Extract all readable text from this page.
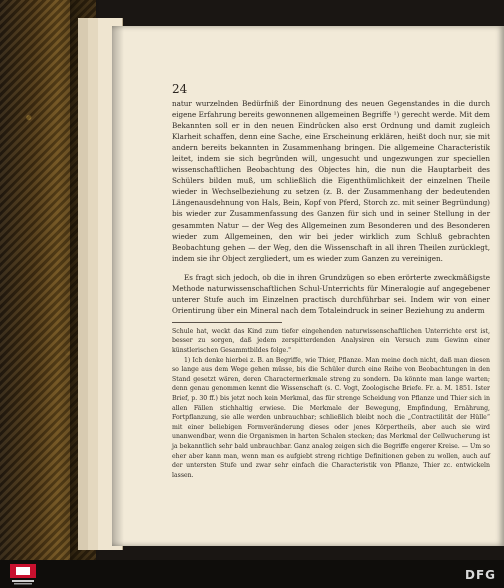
24

natur wurzelnden Bedürfniß der Einordnung des neuen Gegenstandes in die durch eigene Erfahrung bereits gewonnenen allgemeinen Begriffe ¹) gerecht werde. Mit dem Bekannten soll er in den neuen Eindrücken also erst Ordnung und damit zugleich Klarheit schaffen, denn eine Sache, eine Erscheinung erklären, heißt doch nur, sie mit andern bereits bekannten in Zusammenhang bringen. Die allgemeine Characteristik leitet, indem sie sich begründen will, ungesucht und ungezwungen zur speciellen wissenschaftlichen Beobachtung des Objectes hin, die nun die Hauptarbeit des Schülers bilden muß, um schließlich die Eigenthümlichkeit der einzelnen Theile wieder in Wechselbeziehung zu setzen (z. B. der Zusammenhang der bedeutenden Längenausdehnung von Hals, Bein, Kopf von Pferd, Storch zc. mit seiner Begründung) bis wieder zur Zusammenfassung des Ganzen für sich und in seiner Stellung in der gesammten Natur — der Weg des Allgemeinen zum Besonderen und des Besonderen wieder zum Allgemeinen, den wir bei jeder wirklich zum Schluß gebrachten Beobachtung gehen — der Weg, den die Wissenschaft in all ihren Theilen zurücklegt, indem sie ihr Object zergliedert, um es wieder zum Ganzen zu vereinigen.

Es fragt sich jedoch, ob die in ihren Grundzügen so eben erörterte zweckmäßigste Methode naturwissenschaftlichen Schul-Unterrichts für Mineralogie auf angegebener unterer Stufe auch im Einzelnen practisch durchführbar sei. Indem wir von einer Orientirung über ein Mineral nach dem Totaleindruck in seiner Beziehung zu anderm

Schule hat, weckt das Kind zum tiefer eingehenden naturwissenschaftlichen Unterrichte erst ist, besser zu sorgen, daß jedem zerspitterdenden Analysiren ein Versuch zum Gewinn einer künstlerischen Gesammtbildes folge."

1) Ich denke hierbei z. B. an Begriffe, wie Thier, Pflanze. Man meine doch nicht, daß man diesen so lange aus dem Wege gehen müsse, bis die Schüler durch eine Reihe von Beobachtungen in den Stand gesetzt wären, deren Charactermerkmale streng zu sondern. Da könnte man lange warten; denn genau genommen kennt die Wissenschaft (s. C. Vogt, Zoologische Briefe. Fr. a. M. 1851. Ister Brief, p. 30 ff.) bis jetzt noch kein Merkmal, das für strenge Scheidung von Pflanze und Thier sich in allen Fällen stichhaltig erwiese. Die Merkmale der Bewegung, Empfindung, Ernährung, Fortpflanzung, sie alle werden unbrauchbar; schließlich bleibt noch die „Contractilität der Hülle“ mit einer beliebigen Formveränderung dieses oder jenes Körpertheils, aber auch sie wird unanwendbar, wenn die Organismen in harten Schalen stecken; das Merkmal der Cellwucherung ist ja bekanntlich sehr bald unbrauchbar. Ganz analog zeigen sich die Begriffe engerer Kreise. — Um so eher aber kann man, wenn man es aufgiebt streng richtige Definitionen geben zu wollen, auch auf der untersten Stufe und zwar sehr einfach die Characteristik von Pflanze, Thier zc. entwickeln lassen.

DFG
